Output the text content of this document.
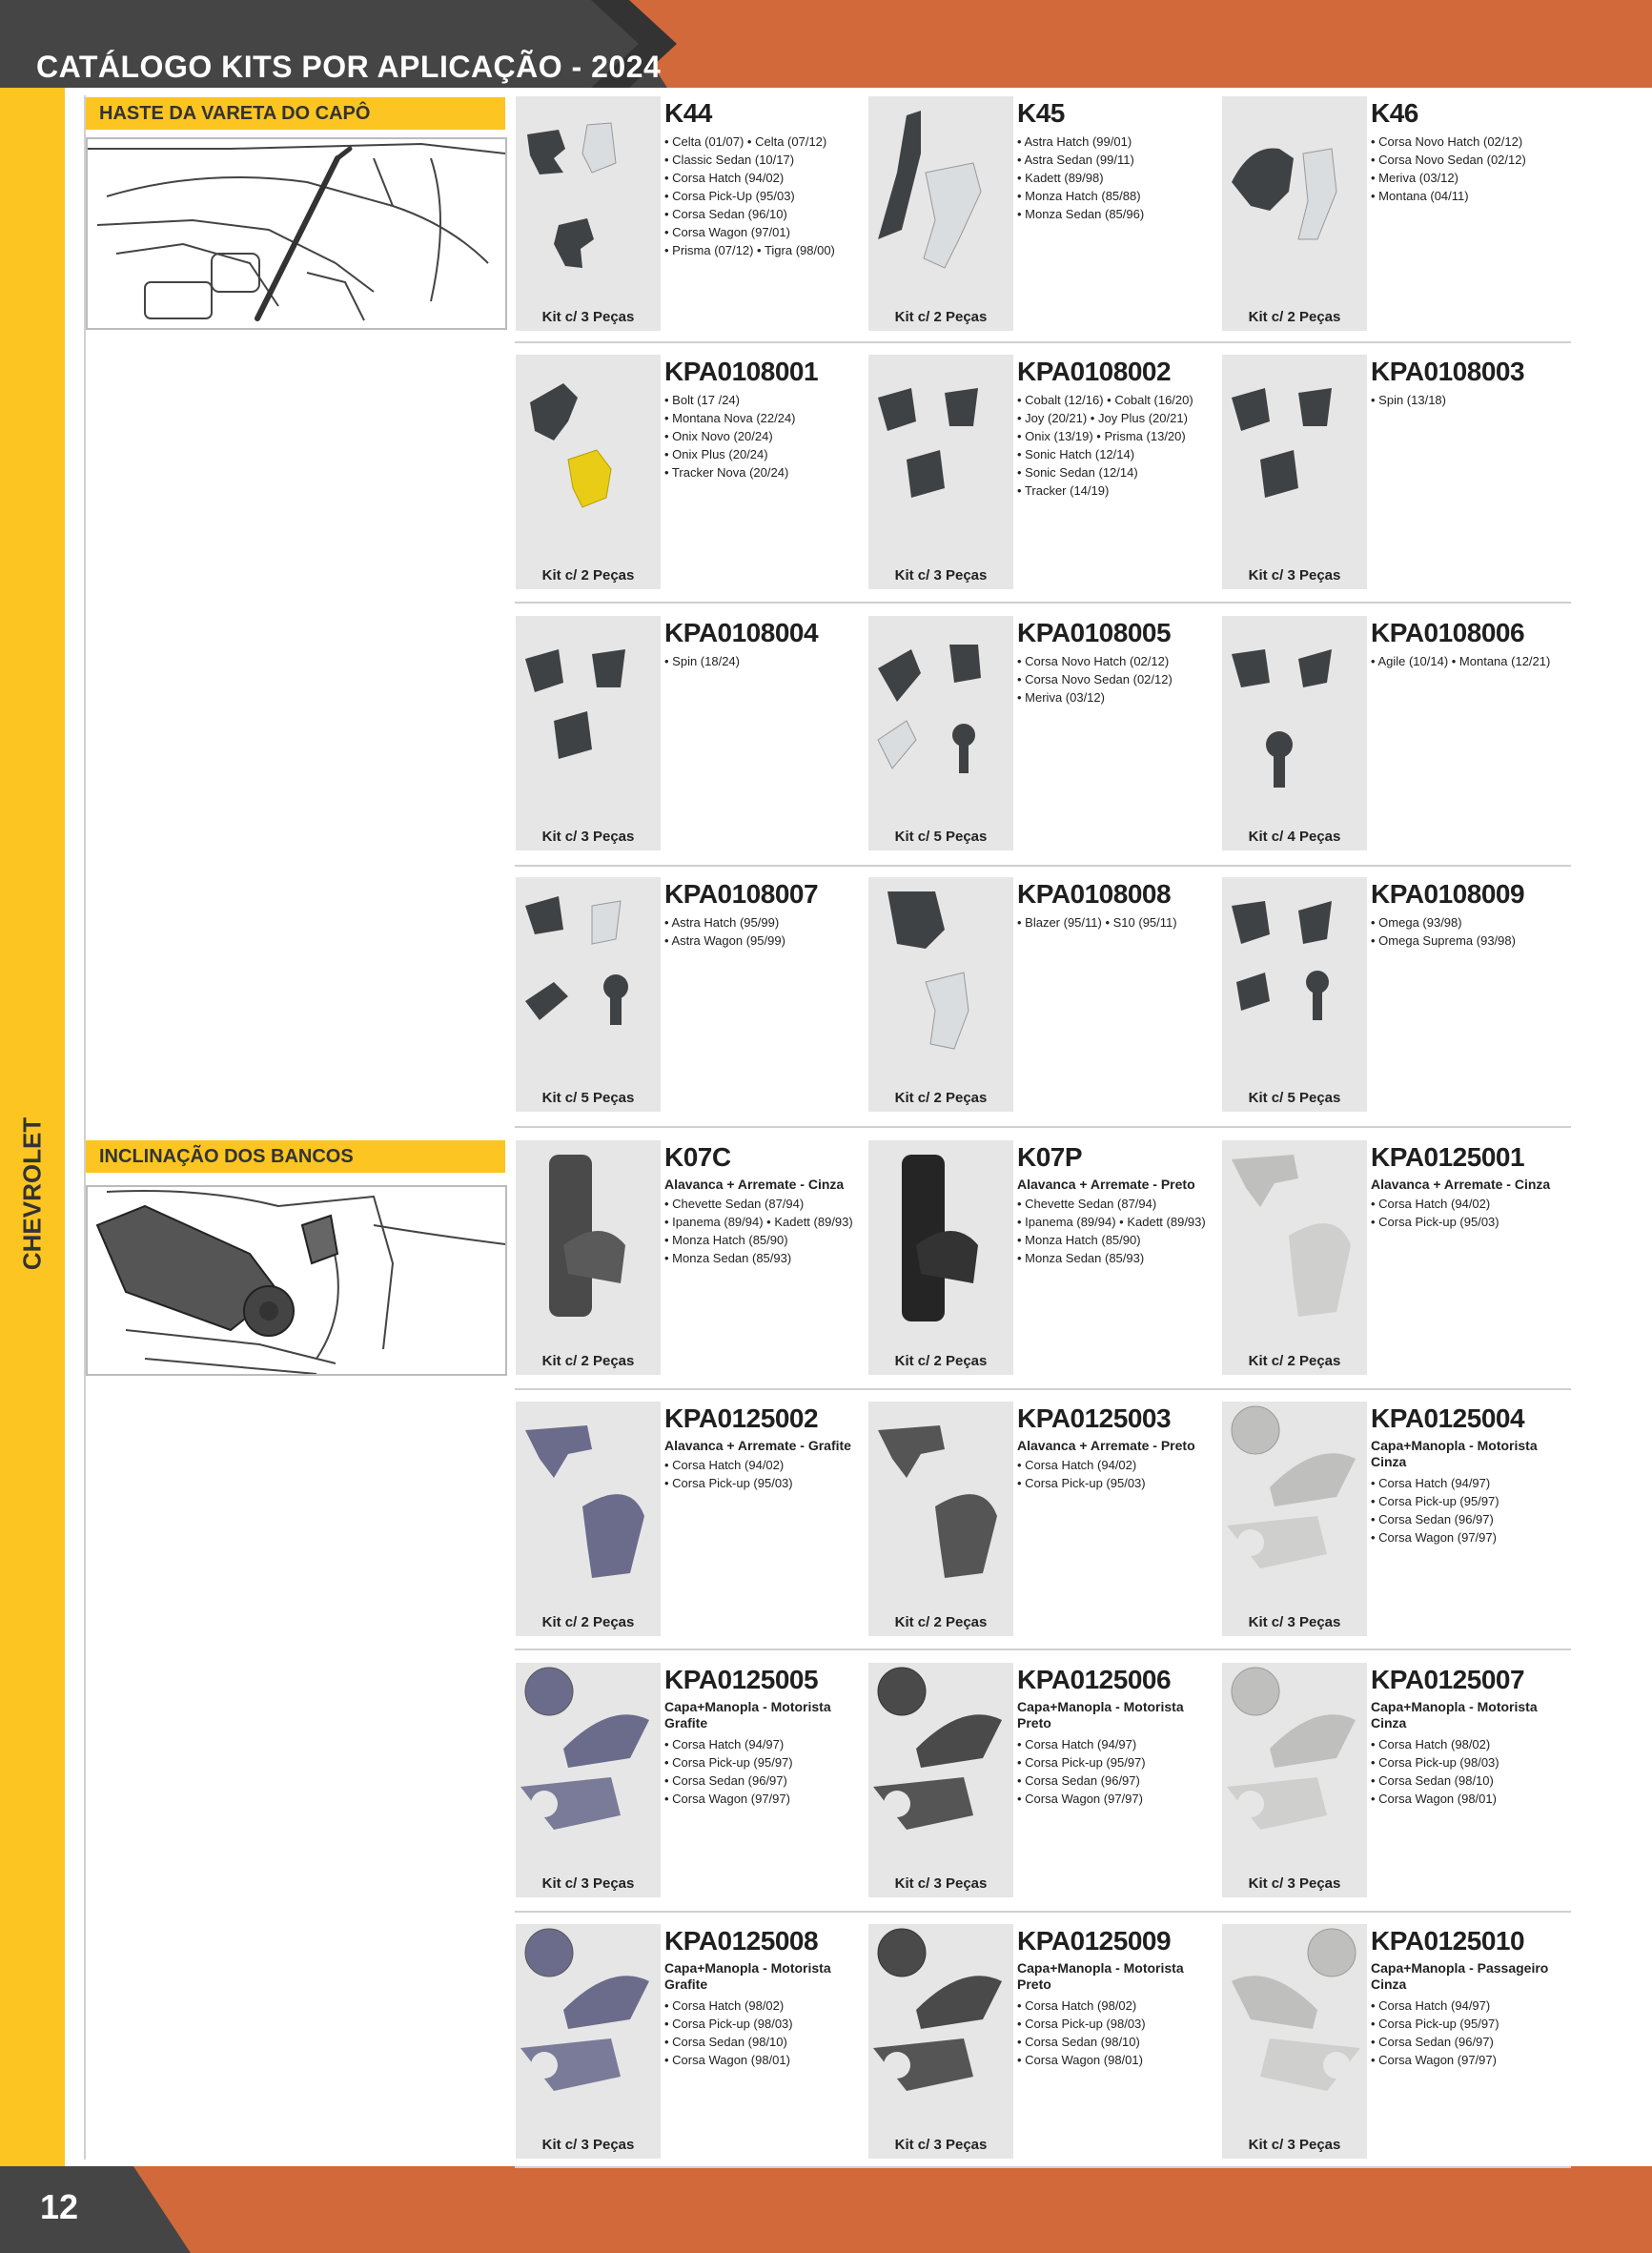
CATÁLOGO KITS POR APLICAÇÃO - 2024
CHEVROLET
12
HASTE DA VARETA DO CAPÔ
INCLINAÇÃO DOS BANCOS
K44
• Celta (01/07) • Celta (07/12)
• Classic Sedan (10/17)
• Corsa Hatch (94/02)
• Corsa Pick-Up (95/03)
• Corsa Sedan (96/10)
• Corsa Wagon (97/01)
• Prisma (07/12) • Tigra (98/00)
Kit c/ 3 Peças
K45
• Astra Hatch (99/01)
• Astra Sedan (99/11)
• Kadett (89/98)
• Monza Hatch (85/88)
• Monza Sedan (85/96)
Kit c/ 2 Peças
K46
• Corsa Novo Hatch (02/12)
• Corsa Novo Sedan (02/12)
• Meriva (03/12)
• Montana (04/11)
Kit c/ 2 Peças
KPA0108001
• Bolt (17 /24)
• Montana Nova (22/24)
• Onix Novo (20/24)
• Onix Plus (20/24)
• Tracker Nova (20/24)
Kit c/ 2 Peças
KPA0108002
• Cobalt (12/16) • Cobalt (16/20)
• Joy (20/21) • Joy Plus (20/21)
• Onix (13/19) • Prisma (13/20)
• Sonic Hatch (12/14)
• Sonic Sedan (12/14)
• Tracker (14/19)
Kit c/ 3 Peças
KPA0108003
• Spin (13/18)
Kit c/ 3 Peças
KPA0108004
• Spin (18/24)
Kit c/ 3 Peças
KPA0108005
• Corsa Novo Hatch (02/12)
• Corsa Novo Sedan (02/12)
• Meriva (03/12)
Kit c/ 5 Peças
KPA0108006
• Agile (10/14) • Montana (12/21)
Kit c/ 4 Peças
KPA0108007
• Astra Hatch (95/99)
• Astra Wagon (95/99)
Kit c/ 5 Peças
KPA0108008
• Blazer (95/11) • S10 (95/11)
Kit c/ 2 Peças
KPA0108009
• Omega (93/98)
• Omega Suprema (93/98)
Kit c/ 5 Peças
K07C
Alavanca + Arremate - Cinza
• Chevette Sedan (87/94)
• Ipanema (89/94) • Kadett (89/93)
• Monza Hatch (85/90)
• Monza Sedan (85/93)
Kit c/ 2 Peças
K07P
Alavanca + Arremate - Preto
• Chevette Sedan (87/94)
• Ipanema (89/94) • Kadett (89/93)
• Monza Hatch (85/90)
• Monza Sedan (85/93)
Kit c/ 2 Peças
KPA0125001
Alavanca + Arremate - Cinza
• Corsa Hatch (94/02)
• Corsa Pick-up (95/03)
Kit c/ 2 Peças
KPA0125002
Alavanca + Arremate - Grafite
• Corsa Hatch (94/02)
• Corsa Pick-up (95/03)
Kit c/ 2 Peças
KPA0125003
Alavanca + Arremate - Preto
• Corsa Hatch (94/02)
• Corsa Pick-up (95/03)
Kit c/ 2 Peças
KPA0125004
Capa+Manopla - Motorista Cinza
• Corsa Hatch (94/97)
• Corsa Pick-up (95/97)
• Corsa Sedan (96/97)
• Corsa Wagon (97/97)
Kit c/ 3 Peças
KPA0125005
Capa+Manopla - Motorista Grafite
• Corsa Hatch (94/97)
• Corsa Pick-up (95/97)
• Corsa Sedan (96/97)
• Corsa Wagon (97/97)
Kit c/ 3 Peças
KPA0125006
Capa+Manopla - Motorista Preto
• Corsa Hatch (94/97)
• Corsa Pick-up (95/97)
• Corsa Sedan (96/97)
• Corsa Wagon (97/97)
Kit c/ 3 Peças
KPA0125007
Capa+Manopla - Motorista Cinza
• Corsa Hatch (98/02)
• Corsa Pick-up (98/03)
• Corsa Sedan (98/10)
• Corsa Wagon (98/01)
Kit c/ 3 Peças
KPA0125008
Capa+Manopla - Motorista Grafite
• Corsa Hatch (98/02)
• Corsa Pick-up (98/03)
• Corsa Sedan (98/10)
• Corsa Wagon (98/01)
Kit c/ 3 Peças
KPA0125009
Capa+Manopla - Motorista Preto
• Corsa Hatch (98/02)
• Corsa Pick-up (98/03)
• Corsa Sedan (98/10)
• Corsa Wagon (98/01)
Kit c/ 3 Peças
KPA0125010
Capa+Manopla - Passageiro Cinza
• Corsa Hatch (94/97)
• Corsa Pick-up (95/97)
• Corsa Sedan (96/97)
• Corsa Wagon (97/97)
Kit c/ 3 Peças
